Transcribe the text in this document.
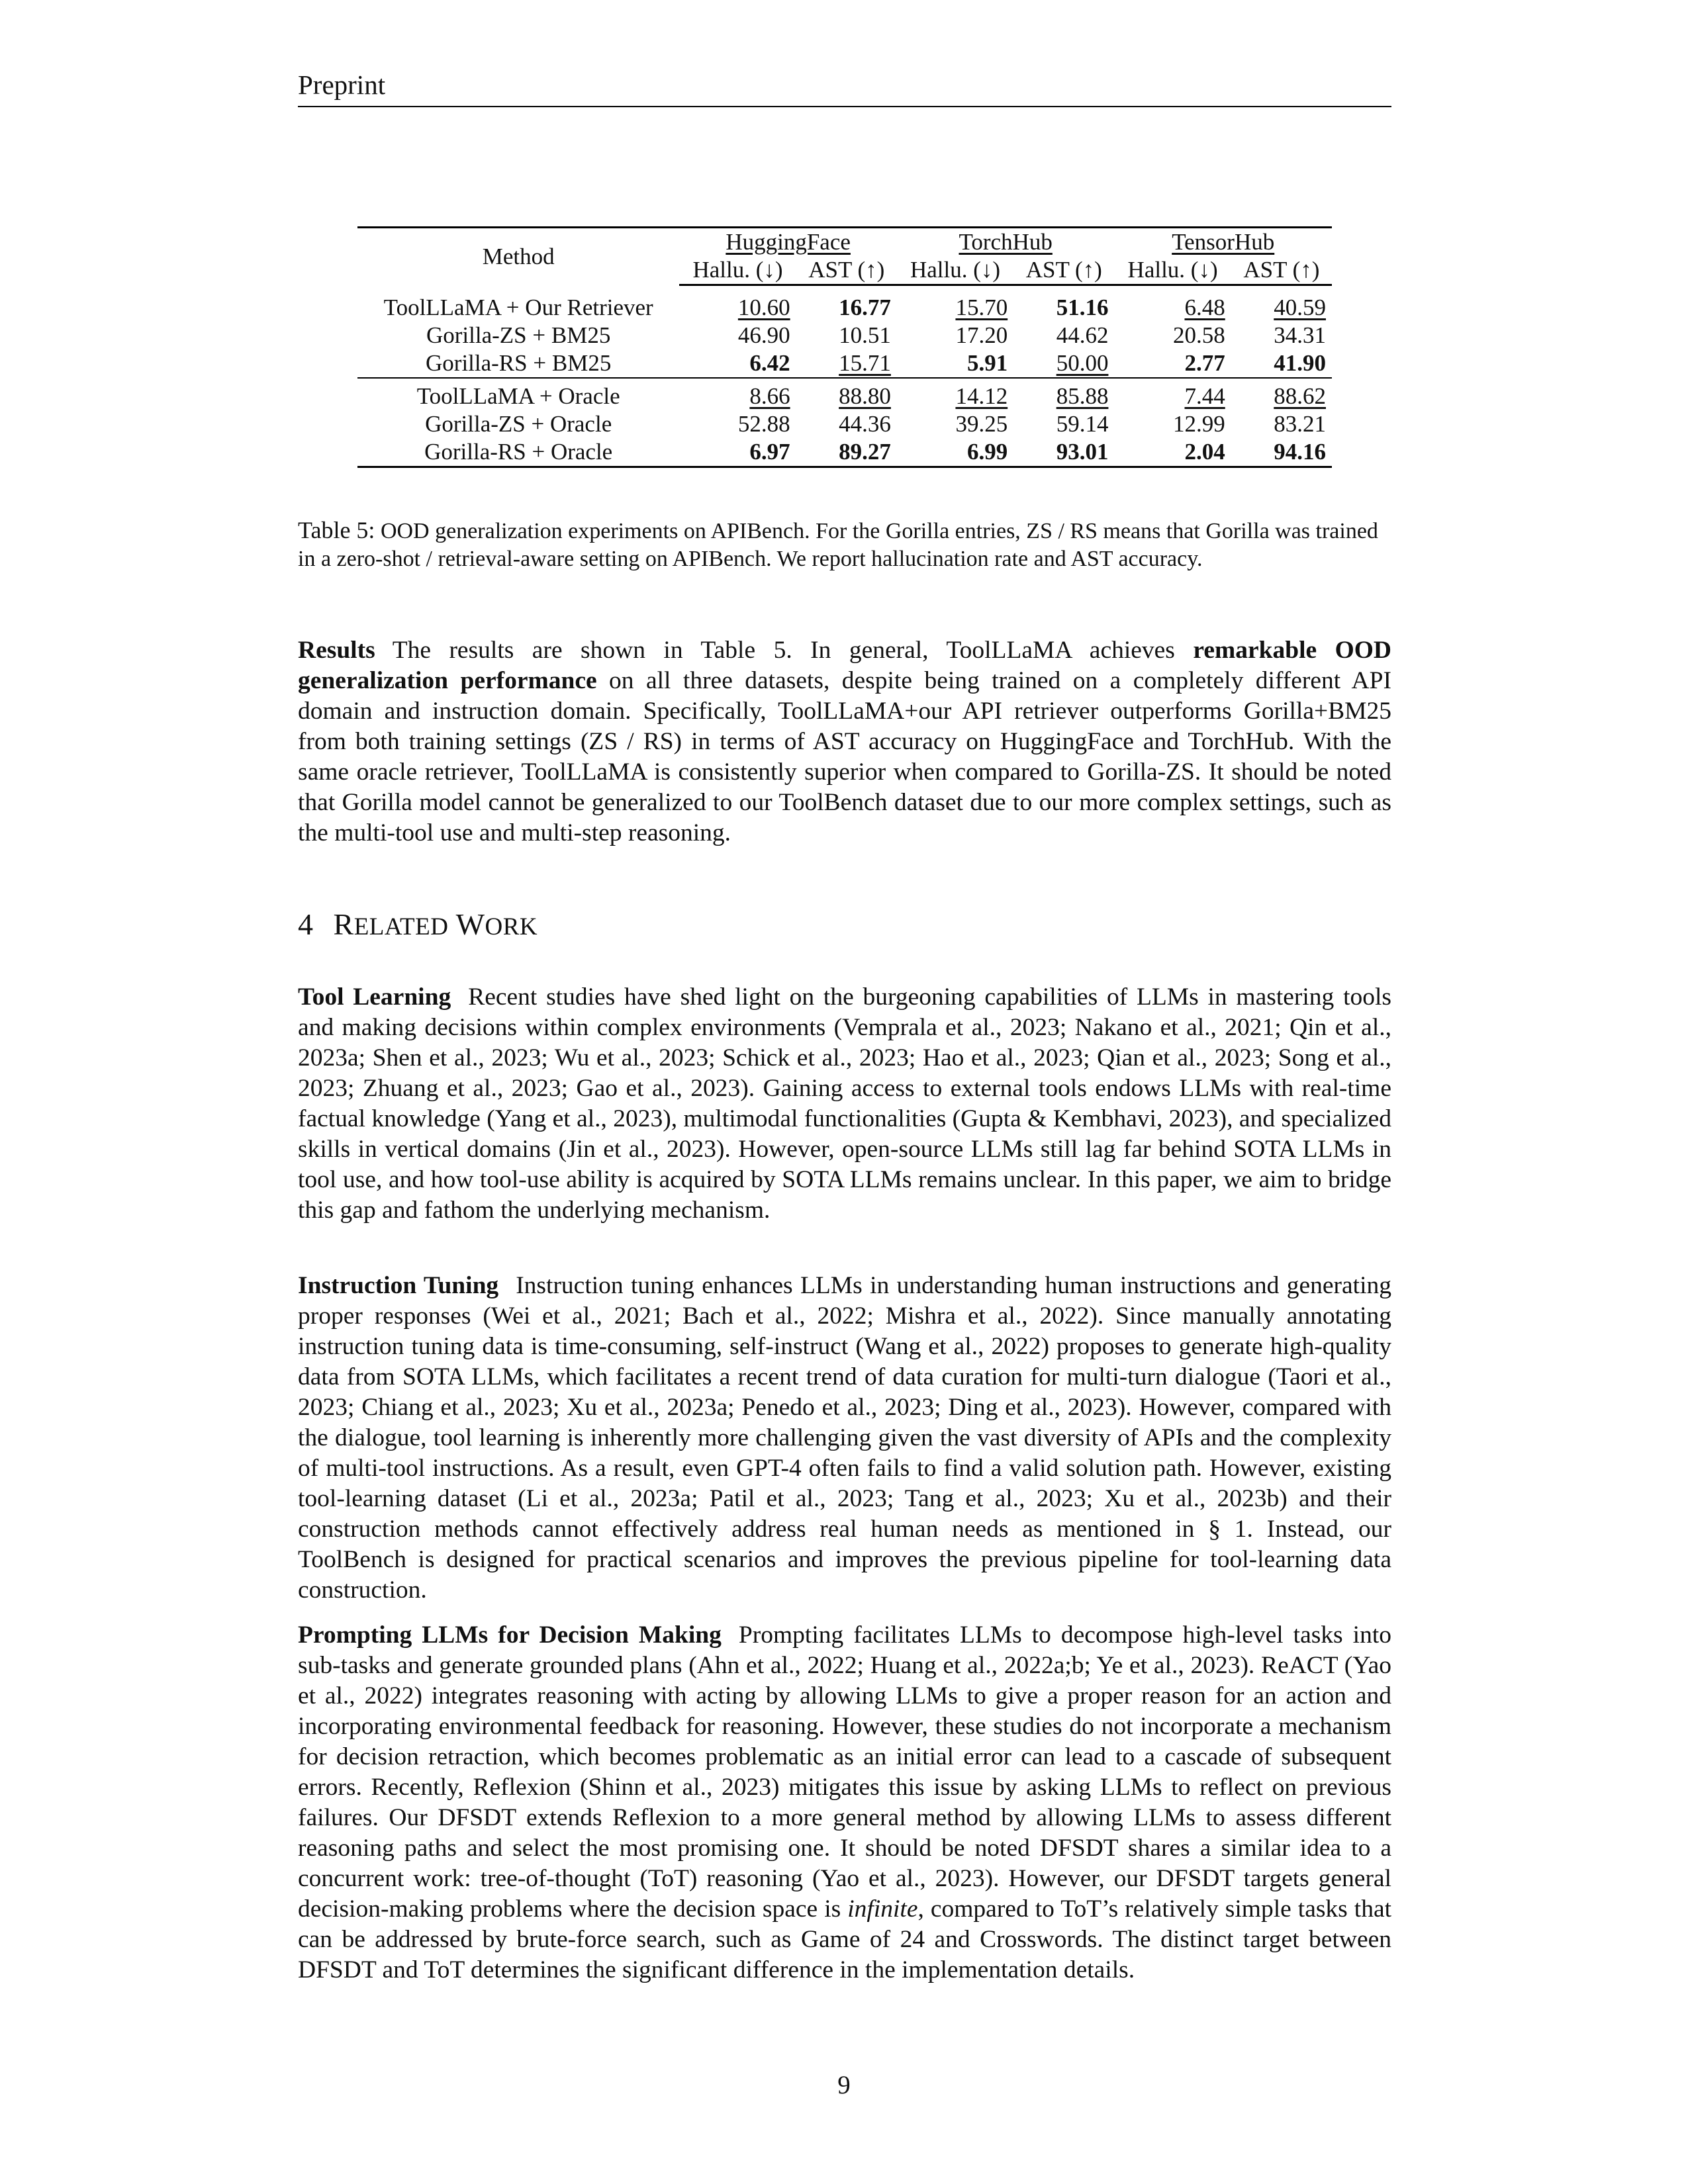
Preprint
Method	HuggingFace		TorchHub		TensorHub	
	Hallu. (↓)	AST (↑)	Hallu. (↓)	AST (↑)	Hallu. (↓)	AST (↑)

ToolLLaMA + Our Retriever	10.60	16.77	15.70	51.16	6.48	40.59
Gorilla-ZS + BM25	46.90	10.51	17.20	44.62	20.58	34.31
Gorilla-RS + BM25	6.42	15.71	5.91	50.00	2.77	41.90

ToolLLaMA + Oracle	8.66	88.80	14.12	85.88	7.44	88.62
Gorilla-ZS + Oracle	52.88	44.36	39.25	59.14	12.99	83.21
Gorilla-RS + Oracle	6.97	89.27	6.99	93.01	2.04	94.16
Table 5: OOD generalization experiments on APIBench. For the Gorilla entries, ZS / RS means that Gorilla was trained in a zero-shot / retrieval-aware setting on APIBench. We report hallucination rate and AST accuracy.
Results The results are shown in Table 5. In general, ToolLLaMA achieves remarkable OOD generalization performance on all three datasets, despite being trained on a completely different API domain and instruction domain. Specifically, ToolLLaMA+our API retriever outperforms Gorilla+BM25 from both training settings (ZS / RS) in terms of AST accuracy on HuggingFace and TorchHub. With the same oracle retriever, ToolLLaMA is consistently superior when compared to Gorilla-ZS. It should be noted that Gorilla model cannot be generalized to our ToolBench dataset due to our more complex settings, such as the multi-tool use and multi-step reasoning.
4 RELATED WORK
Tool Learning Recent studies have shed light on the burgeoning capabilities of LLMs in mastering tools and making decisions within complex environments (Vemprala et al., 2023; Nakano et al., 2021; Qin et al., 2023a; Shen et al., 2023; Wu et al., 2023; Schick et al., 2023; Hao et al., 2023; Qian et al., 2023; Song et al., 2023; Zhuang et al., 2023; Gao et al., 2023). Gaining access to external tools endows LLMs with real-time factual knowledge (Yang et al., 2023), multimodal functionalities (Gupta & Kembhavi, 2023), and specialized skills in vertical domains (Jin et al., 2023). However, open-source LLMs still lag far behind SOTA LLMs in tool use, and how tool-use ability is acquired by SOTA LLMs remains unclear. In this paper, we aim to bridge this gap and fathom the underlying mechanism.
Instruction Tuning Instruction tuning enhances LLMs in understanding human instructions and generating proper responses (Wei et al., 2021; Bach et al., 2022; Mishra et al., 2022). Since manually annotating instruction tuning data is time-consuming, self-instruct (Wang et al., 2022) proposes to generate high-quality data from SOTA LLMs, which facilitates a recent trend of data curation for multi-turn dialogue (Taori et al., 2023; Chiang et al., 2023; Xu et al., 2023a; Penedo et al., 2023; Ding et al., 2023). However, compared with the dialogue, tool learning is inherently more challenging given the vast diversity of APIs and the complexity of multi-tool instructions. As a result, even GPT-4 often fails to find a valid solution path. However, existing tool-learning dataset (Li et al., 2023a; Patil et al., 2023; Tang et al., 2023; Xu et al., 2023b) and their construction methods cannot effectively address real human needs as mentioned in § 1. Instead, our ToolBench is designed for practical scenarios and improves the previous pipeline for tool-learning data construction.
Prompting LLMs for Decision Making Prompting facilitates LLMs to decompose high-level tasks into sub-tasks and generate grounded plans (Ahn et al., 2022; Huang et al., 2022a;b; Ye et al., 2023). ReACT (Yao et al., 2022) integrates reasoning with acting by allowing LLMs to give a proper reason for an action and incorporating environmental feedback for reasoning. However, these studies do not incorporate a mechanism for decision retraction, which becomes problematic as an initial error can lead to a cascade of subsequent errors. Recently, Reflexion (Shinn et al., 2023) mitigates this issue by asking LLMs to reflect on previous failures. Our DFSDT extends Reflexion to a more general method by allowing LLMs to assess different reasoning paths and select the most promising one. It should be noted DFSDT shares a similar idea to a concurrent work: tree-of-thought (ToT) reasoning (Yao et al., 2023). However, our DFSDT targets general decision-making problems where the decision space is infinite, compared to ToT’s relatively simple tasks that can be addressed by brute-force search, such as Game of 24 and Crosswords. The distinct target between DFSDT and ToT determines the significant difference in the implementation details.
9
